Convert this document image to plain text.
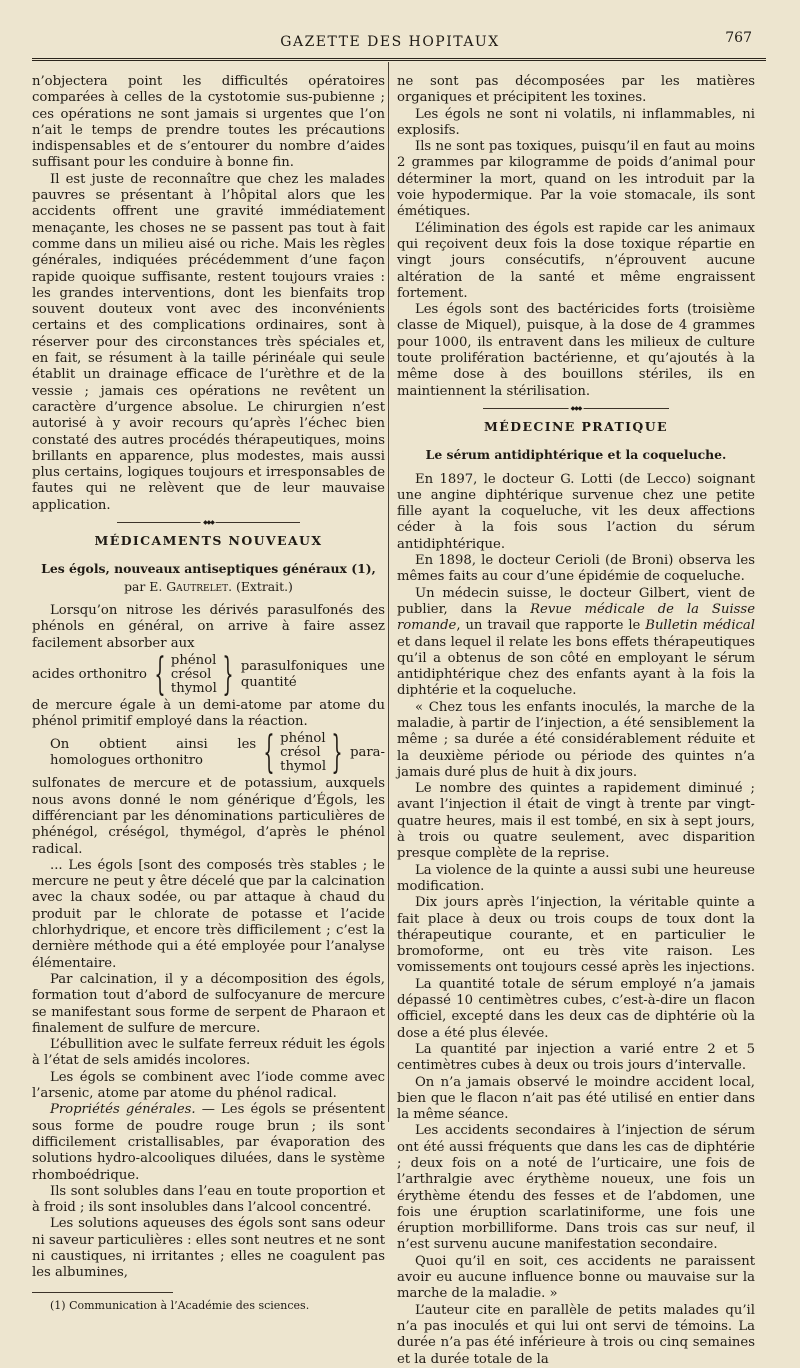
GAZETTE DES HOPITAUX	767

n’objectera point les difficultés opératoires comparées à celles de la cystotomie sus-pubienne ; ces opérations ne sont jamais si urgentes que l’on n’ait le temps de prendre toutes les précautions indispensables et de s’entourer du nombre d’aides suffisant pour les conduire à bonne fin.

Il est juste de reconnaître que chez les malades pauvres se présentant à l’hôpital alors que les accidents offrent une gravité immédiatement menaçante, les choses ne se passent pas tout à fait comme dans un milieu aisé ou riche. Mais les règles générales, indiquées précédemment d’une façon rapide quoique suffisante, restent toujours vraies : les grandes interventions, dont les bienfaits trop souvent douteux vont avec des inconvénients certains et des complications ordinaires, sont à réserver pour des circonstances très spéciales et, en fait, se résument à la taille périnéale qui seule établit un drainage efficace de l’urèthre et de la vessie ; jamais ces opérations ne revêtent un caractère d’urgence absolue. Le chirurgien n’est autorisé à y avoir recours qu’après l’échec bien constaté des autres procédés thérapeutiques, moins brillants en apparence, plus modestes, mais aussi plus certains, logiques toujours et irresponsables de fautes qui ne relèvent que de leur mauvaise application.

◆◆◆
MÉDICAMENTS NOUVEAUX
Les égols, nouveaux antiseptiques généraux (1),
par E. Gautrelet. (Extrait.)

Lorsqu’on nitrose les dérivés parasulfonés des phénols en général, on arrive à faire assez facilement absorber aux

acides orthonitro { phénol
crésol
thymol } parasulfoniques une quantité

de mercure égale à un demi-atome par atome du phénol primitif employé dans la réaction.

On obtient ainsi les homologues orthonitro	{ phénol
crésol
thymol } para-

sulfonates de mercure et de potassium, auxquels nous avons donné le nom générique d’Égols, les différenciant par les dénominations particulières de phénégol, créségol, thymégol, d’après le phénol radical.

... Les égols [sont des composés très stables ; le mercure ne peut y être décelé que par la calcination avec la chaux sodée, ou par attaque à chaud du produit par le chlorate de potasse et l’acide chlorhydrique, et encore très difficilement ; c’est la dernière méthode qui a été employée pour l’analyse élémentaire.

Par calcination, il y a décomposition des égols, formation tout d’abord de sulfocyanure de mercure se manifestant sous forme de serpent de Pharaon et finalement de sulfure de mercure.

L’ébullition avec le sulfate ferreux réduit les égols à l’état de sels amidés incolores.

Les égols se combinent avec l’iode comme avec l’arsenic, atome par atome du phénol radical.

Propriétés générales. — Les égols se présentent sous forme de poudre rouge brun ; ils sont difficilement cristallisables, par évaporation des solutions hydro-alcooliques diluées, dans le système rhomboédrique.

Ils sont solubles dans l’eau en toute proportion et à froid ; ils sont insolubles dans l’alcool concentré.

Les solutions aqueuses des égols sont sans odeur ni saveur particulières : elles sont neutres et ne sont ni caustiques, ni irritantes ; elles ne coagulent pas les albumines,

(1) Communication à l’Académie des sciences.

ne sont pas décomposées par les matières organiques et précipitent les toxines.

Les égols ne sont ni volatils, ni inflammables, ni explosifs.

Ils ne sont pas toxiques, puisqu’il en faut au moins 2 grammes par kilogramme de poids d’animal pour déterminer la mort, quand on les introduit par la voie hypodermique. Par la voie stomacale, ils sont émétiques.

L’élimination des égols est rapide car les animaux qui reçoivent deux fois la dose toxique répartie en vingt jours consécutifs, n’éprouvent aucune altération de la santé et même engraissent fortement.

Les égols sont des bactéricides forts (troisième classe de Miquel), puisque, à la dose de 4 grammes pour 1000, ils entravent dans les milieux de culture toute prolifération bactérienne, et qu’ajoutés à la même dose à des bouillons stériles, ils en maintiennent la stérilisation.

◆◆◆
MÉDECINE PRATIQUE
Le sérum antidiphtérique et la coqueluche.

En 1897, le docteur G. Lotti (de Lecco) soignant une angine diphtérique survenue chez une petite fille ayant la coqueluche, vit les deux affections céder à la fois sous l’action du sérum antidiphtérique.

En 1898, le docteur Cerioli (de Broni) observa les mêmes faits au cour d’une épidémie de coqueluche.

Un médecin suisse, le docteur Gilbert, vient de publier, dans la Revue médicale de la Suisse romande, un travail que rapporte le Bulletin médical et dans lequel il relate les bons effets thérapeutiques qu’il a obtenus de son côté en employant le sérum antidiphtérique chez des enfants ayant à la fois la diphtérie et la coqueluche.

« Chez tous les enfants inoculés, la marche de la maladie, à partir de l’injection, a été sensiblement la même ; sa durée a été considérablement réduite et la deuxième période ou période des quintes n’a jamais duré plus de huit à dix jours.

Le nombre des quintes a rapidement diminué ; avant l’injection il était de vingt à trente par vingt-quatre heures, mais il est tombé, en six à sept jours, à trois ou quatre seulement, avec disparition presque complète de la reprise.

La violence de la quinte a aussi subi une heureuse modification.

Dix jours après l’injection, la véritable quinte a fait place à deux ou trois coups de toux dont la thérapeutique courante, et en particulier le bromoforme, ont eu très vite raison. Les vomissements ont toujours cessé après les injections.

La quantité totale de sérum employé n’a jamais dépassé 10 centimètres cubes, c’est-à-dire un flacon officiel, excepté dans les deux cas de diphtérie où la dose a été plus élevée.

La quantité par injection a varié entre 2 et 5 centimètres cubes à deux ou trois jours d’intervalle.

On n’a jamais observé le moindre accident local, bien que le flacon n’ait pas été utilisé en entier dans la même séance.

Les accidents secondaires à l’injection de sérum ont été aussi fréquents que dans les cas de diphtérie ; deux fois on a noté de l’urticaire, une fois de l’arthralgie avec érythème noueux, une fois un érythème étendu des fesses et de l’abdomen, une fois une éruption scarlatiniforme, une fois une éruption morbilliforme. Dans trois cas sur neuf, il n’est survenu aucune manifestation secondaire.

Quoi qu’il en soit, ces accidents ne paraissent avoir eu aucune influence bonne ou mauvaise sur la marche de la maladie. »

L’auteur cite en parallèle de petits malades qu’il n’a pas inoculés et qui lui ont servi de témoins. La durée n’a pas été inférieure à trois ou cinq semaines et la durée totale de la
